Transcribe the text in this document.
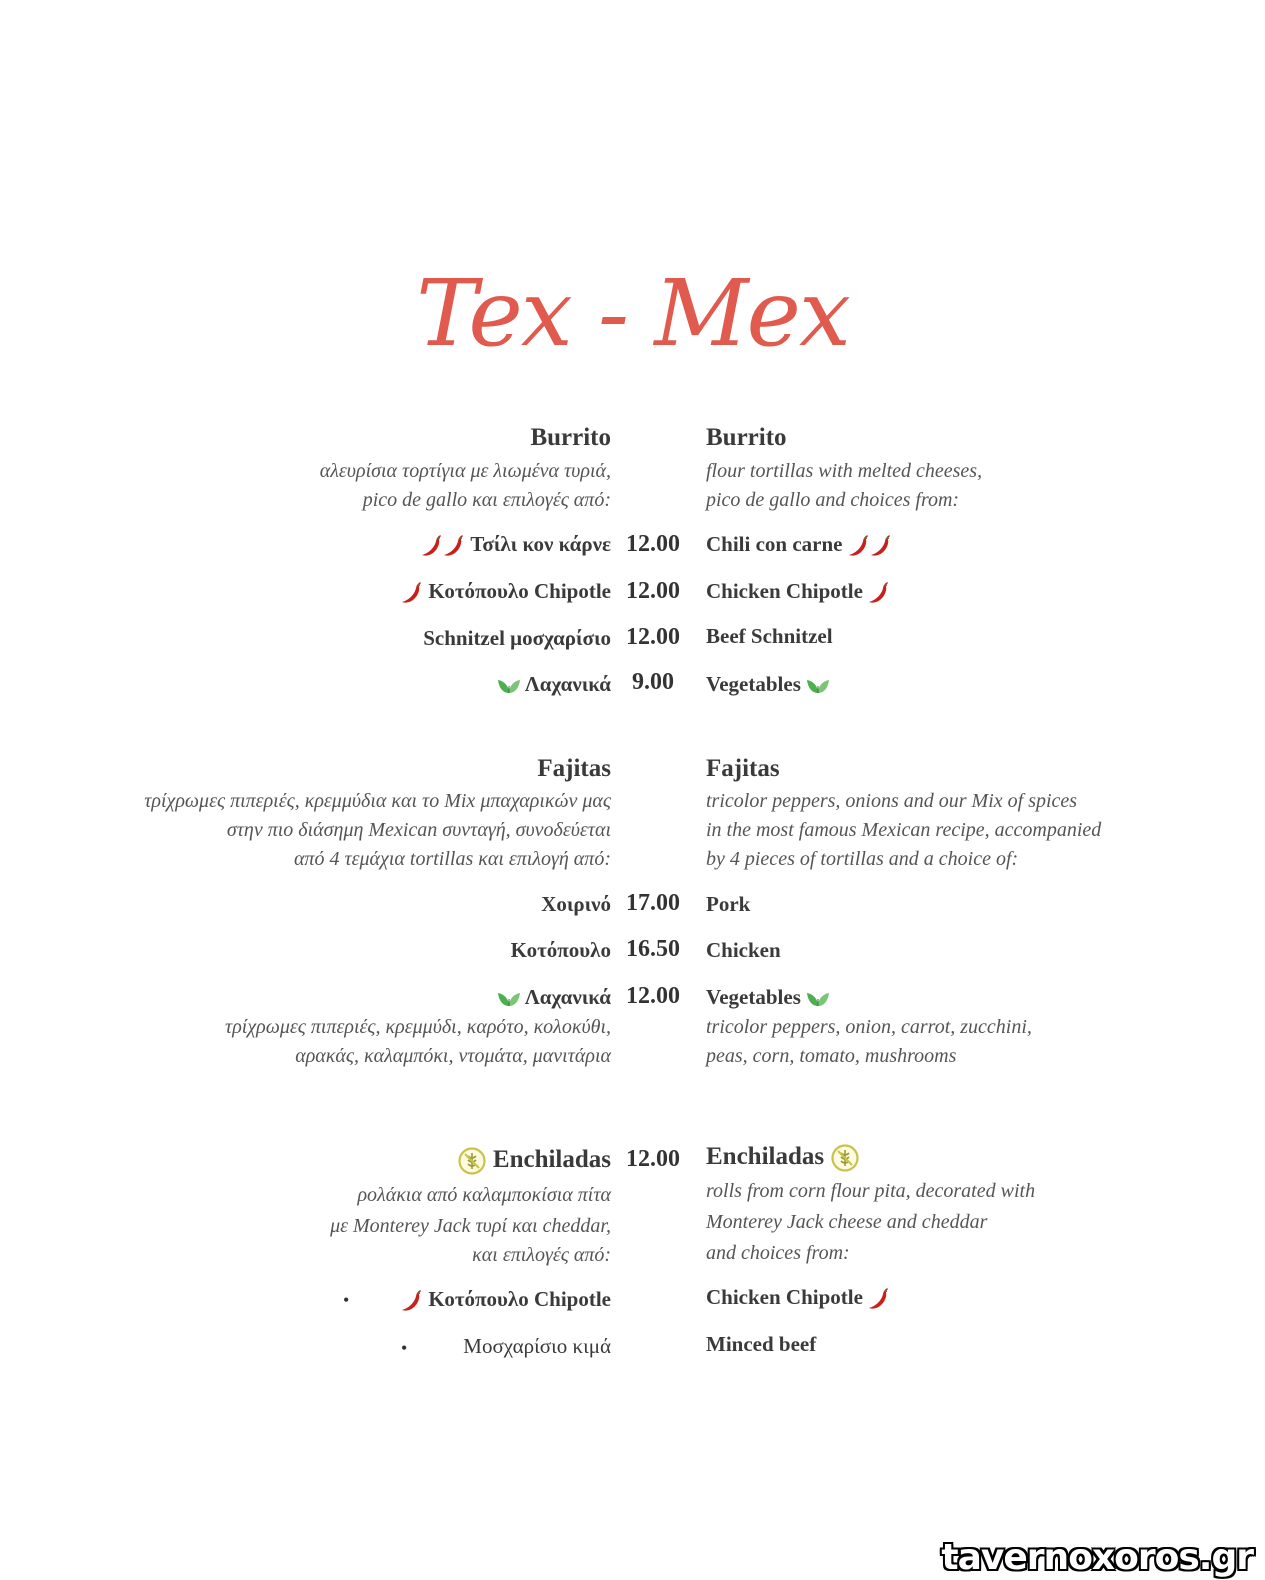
Tex - Mex
Burrito	Burrito
αλευρίσια τορτίγια με λιωμένα τυριά,
pico de gallo και επιλογές από:
flour tortillas with melted cheeses,
pico de gallo and choices from:
Τσίλι κον κάρνε 12.00	Chili con carne
Κοτόπουλο Chipotle 12.00	Chicken Chipotle
Schnitzel μοσχαρίσιο 12.00	Beef Schnitzel
Λαχανικά 9.00	Vegetables
Fajitas	Fajitas
τρίχρωμες πιπεριές, κρεμμύδια και το Mix μπαχαρικών μας
στην πιο διάσημη Mexican συνταγή, συνοδεύεται
από 4 τεμάχια tortillas και επιλογή από:
tricolor peppers, onions and our Mix of spices
in the most famous Mexican recipe, accompanied
by 4 pieces of tortillas and a choice of:
Χοιρινό 17.00	Pork
Κοτόπουλο 16.50	Chicken
Λαχανικά 12.00	Vegetables
τρίχρωμες πιπεριές, κρεμμύδι, καρότο, κολοκύθι,
αρακάς, καλαμπόκι, ντομάτα, μανιτάρια
tricolor peppers, onion, carrot, zucchini,
peas, corn, tomato, mushrooms
Enchiladas 12.00	Enchiladas
ρολάκια από καλαμποκίσια πίτα
με Monterey Jack τυρί και cheddar,
και επιλογές από:
rolls from corn flour pita, decorated with
Monterey Jack cheese and cheddar
and choices from:
•	Κοτόπουλο Chipotle	Chicken Chipotle
•	Μοσχαρίσιο κιμά	Minced beef
tavernoxoros.gr
